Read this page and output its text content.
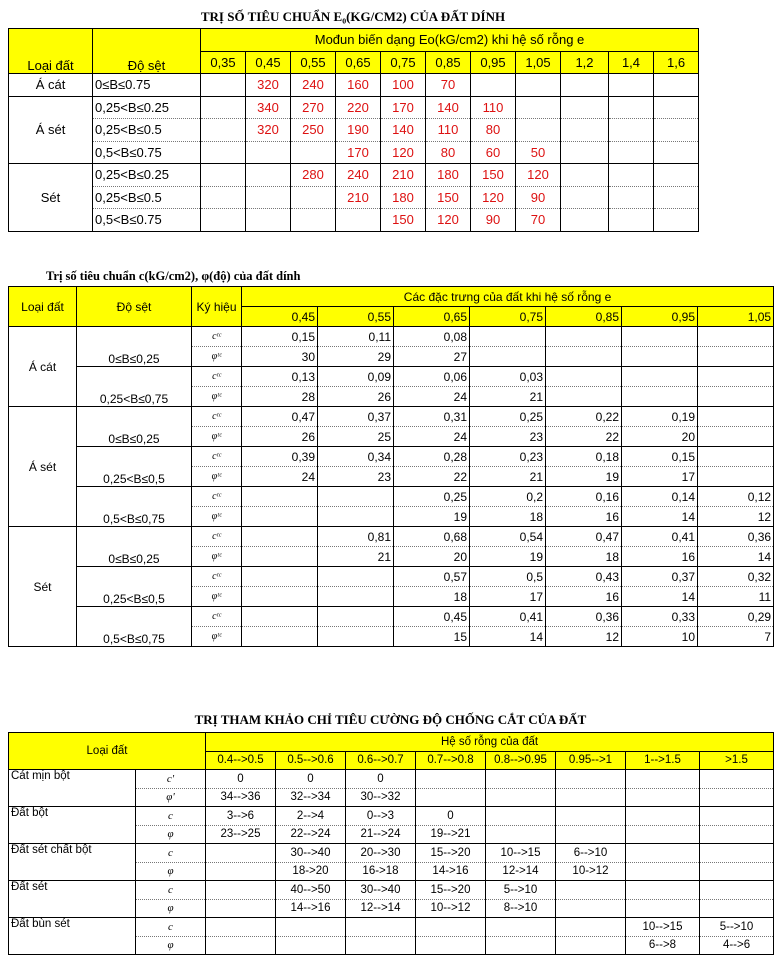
TRỊ SỐ TIÊU CHUẨN E₀(KG/CM2) CỦA ĐẤT DÍNH
Loại đất	Độ sệt	Mođun biến dạng Eo(kG/cm2) khi hệ số rỗng e										
		0,35	0,45	0,55	0,65	0,75	0,85	0,95	1,05	1,2	1,4	1,6
Á cát	0≤B≤0.75		320	240	160	100	70					
Á sét	0,25<B≤0.25		340	270	220	170	140	110				
	0,25<B≤0.5		320	250	190	140	110	80				
	0,5<B≤0.75				170	120	80	60	50			
Sét	0,25<B≤0.25			280	240	210	180	150	120			
	0,25<B≤0.5				210	180	150	120	90			
	0,5<B≤0.75					150	120	90	70			
Trị số tiêu chuẩn c(kG/cm2), φ(độ) của đất dính
Loại đất	Độ sệt	Ký hiệu	Các đặc trưng của đất khi hệ số rỗng e						
			0,45	0,55	0,65	0,75	0,85	0,95	1,05
Á cát	0≤B≤0,25	cᵗᶜ	0,15	0,11	0,08				
		φᵗᶜ	30	29	27				
	0,25<B≤0,75	cᵗᶜ	0,13	0,09	0,06	0,03			
		φᵗᶜ	28	26	24	21			
Á sét	0≤B≤0,25	cᵗᶜ	0,47	0,37	0,31	0,25	0,22	0,19	
		φᵗᶜ	26	25	24	23	22	20	
	0,25<B≤0,5	cᵗᶜ	0,39	0,34	0,28	0,23	0,18	0,15	
		φᵗᶜ	24	23	22	21	19	17	
	0,5<B≤0,75	cᵗᶜ			0,25	0,2	0,16	0,14	0,12
		φᵗᶜ			19	18	16	14	12
Sét	0≤B≤0,25	cᵗᶜ		0,81	0,68	0,54	0,47	0,41	0,36
		φᵗᶜ		21	20	19	18	16	14
	0,25<B≤0,5	cᵗᶜ			0,57	0,5	0,43	0,37	0,32
		φᵗᶜ			18	17	16	14	11
	0,5<B≤0,75	cᵗᶜ			0,45	0,41	0,36	0,33	0,29
		φᵗᶜ			15	14	12	10	7
TRỊ THAM KHẢO CHỈ TIÊU CƯỜNG ĐỘ CHỐNG CẮT CỦA ĐẤT
Loại đất		Hệ số rỗng của đất							
		0.4-->0.5	0.5-->0.6	0.6-->0.7	0.7-->0.8	0.8-->0.95	0.95-->1	1-->1.5	>1.5
Cát mịn bột	c'	0	0	0					
	φ'	34-->36	32-->34	30-->32					
Đất bột	c	3-->6	2-->4	0-->3	0				
	φ	23-->25	22-->24	21-->24	19-->21				
Đất sét chất bột	c		30-->40	20-->30	15-->20	10-->15	6-->10		
	φ		18->20	16->18	14->16	12->14	10->12		
Đất sét	c		40-->50	30-->40	15-->20	5-->10			
	φ		14-->16	12-->14	10-->12	8-->10			
Đất bùn sét	c							10-->15	5-->10
	φ							6-->8	4-->6
